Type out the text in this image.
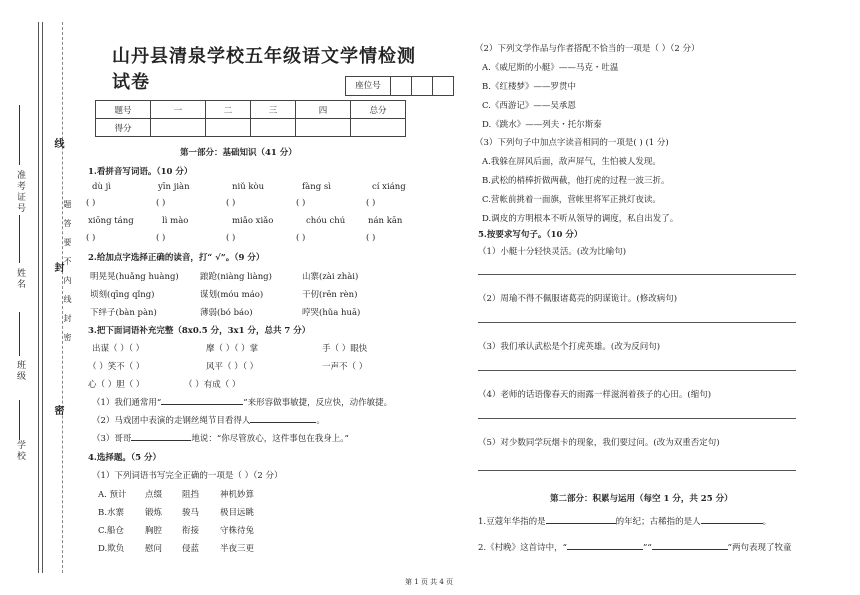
学校
班级
姓名
准考证号
线
封
密
题答要不内线封密
山丹县清泉学校五年级语文学情检测试卷	座位号
题号	一	二	三	四	总分
得分					
第一部分：基础知识（41 分）
1.看拼音写词语。（10 分）
dù jì	yīn jiàn	niǔ kòu	fàng sì	cí xiáng
( )	( )	( )	( )	( )
xiōng táng	lì mào	miǎo xiǎo	chóu chú	nán kān
( )	( )	( )	( )	( )
2.给加点字选择正确的读音，打“ √”。（9 分）
明晃晃(huǎng huàng)	踉跄(niàng liàng)	山寨(zài zhài)
顷刻(qīng qǐng)	谋划(móu máo)	干仞(rēn rèn)
下绊子(bàn pàn)	薄弱(bó báo)	哼哭(hǔa huā)
3.把下面词语补充完整（8x0.5 分，3x1 分，总共 7 分）
出谋（ ）（ ）	摩（ ）（ ）掌	手（ ）眼快
（ ）笑不（ ）	风平（ ）（ ）	一声不（ ）
心（ ）胆（ ）	（ ）有成（ ）
（1）我们通常用“	”来形容做事敏捷，反应快，动作敏捷。
（2）马戏团中表演的走钢丝绳节目看得人	。
（3）哥哥	地说：“你尽管放心，这件事包在我身上。”
4.选择题。（5 分）
（1）下列词语书写完全正确的一项是（ ）（2 分）
A. 预计 点缀 阻挡 神机妙算
B.水寨 锻炼 骏马 极目远眺
C.船仓 胸腔 衔接 守株待兔
D.欺负 慰问 侵蓝 半夜三更
（2）下列文学作品与作者搭配不恰当的一项是（ ）（2 分）
A.《威尼斯的小艇》——马克・吐温
B.《红楼梦》——罗贯中
C.《西游记》——吴承恩
D.《跳水》——列夫・托尔斯泰
（3）下列句子中加点字读音相同的一项是( ) (1 分)
A.我躲在屏风后面，敌声屏气，生怕被人发现。
B.武松的梢棒折做两截，他打虎的过程一波三折。
C.营帐前挑着一面旗，营帐里将军正挑灯夜读。
D.调皮的方明根本不听从领导的调度，私自出发了。
5.按要求写句子。（10 分）
（1）小艇十分轻快灵活。(改为比喻句)
（2）周瑜不得不佩服诸葛亮的阴谋诡计。(修改病句)
（3）我们承认武松是个打虎英雄。(改为反问句)
（4）老师的话语像春天的雨露一样滋润着孩子的心田。(缩句)
（5）对少数同学玩烟卡的现象，我们要过问。(改为双重否定句)
第二部分：积累与运用（每空 1 分，共 25 分）
1.豆蔻年华指的是	的年纪；古稀指的是人	。
2.《村晚》这首诗中，“	”“	”两句表现了牧童
第 1 页 共 4 页
